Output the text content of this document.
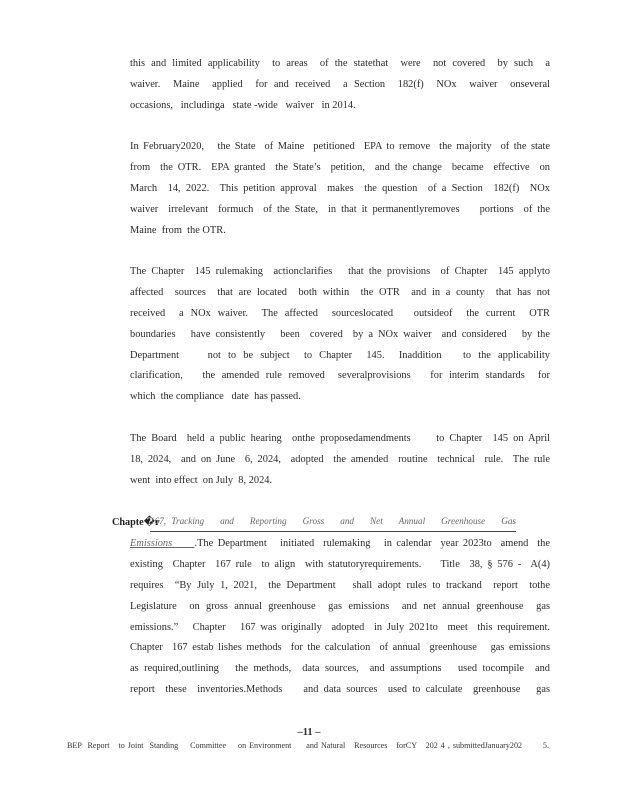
this and limited applicability  to areas  of the statethat  were  not covered  by such  a
waiver.  Maine  applied  for and received  a Section  182(f)  NOx  waiver  onseveral
occasions,   includinga   state -wide   waiver   in 2014.
In February2020,   the State  of Maine  petitioned  EPA to remove  the majority  of the state
from  the OTR.  EPA granted  the State’s  petition,  and the change  became  effective  on
March  14, 2022.  This petition approval  makes  the question  of a Section  182(f)  NOx
waiver  irrelevant  formuch  of the State,  in that it permanentlyremoves    portions  of the
Maine  from  the OTR.
The Chapter  145 rulemaking  actionclarifies   that the provisions  of Chapter  145 applyto
affected  sources  that are located  both within  the OTR  and in a county  that has not
received  a NOx waiver.  The affected  sourceslocated   outsideof  the current  OTR
boundaries   have consistently   been  covered  by a NOx waiver  and considered   by the
Department    not to be subject  to Chapter  145.  Inaddition   to the applicability
clarification,   the amended rule removed  severalprovisions   for interim standards  for
which  the compliance   date  has passed.
The Board  held a public hearing  onthe proposedamendments     to Chapter  145 on April
18, 2024,  and on June  6, 2024,  adopted  the amended  routine  technical  rule.  The rule
went  into effect  on July  8, 2024.

Chapte�r

167, Tracking   and   Reporting   Gross   and   Net   Annual   Greenhouse   Gas

Emissions     .The Department   initiated  rulemaking   in calendar  year 2023to  amend  the
existing  Chapter  167 rule  to align  with statutoryrequirements.    Title  38, § 576 -  A(4)
requires  “By July 1, 2021,  the Department   shall adopt rules to trackand  report  tothe
Legislature  on gross annual greenhouse  gas emissions  and net annual greenhouse  gas
emissions.”   Chapter   167 was originally  adopted  in July 2021to  meet  this requirement.
Chapter  167 estab lishes methods  for the calculation  of annual  greenhouse   gas emissions
as required,outlining   the methods,  data sources,  and assumptions   used tocompile  and
report  these  inventories.Methods    and data sources  used to calculate  greenhouse   gas
–11 –
BEP  Report   to Joint  Standing    Committee    on Environment     and Natural   Resources   forCY   202 4 , submittedJanuary202       5.
